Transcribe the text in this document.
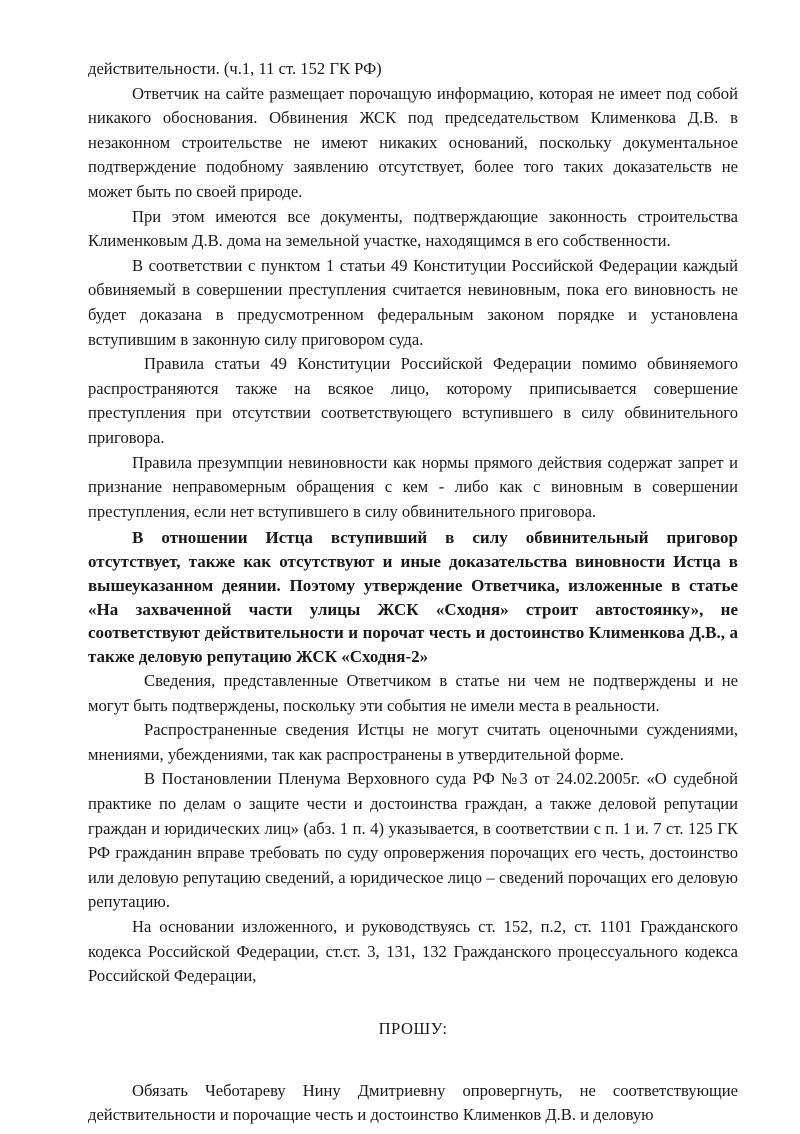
действительности. (ч.1, 11 ст. 152 ГК РФ)

Ответчик на сайте размещает порочащую информацию, которая не имеет под собой никакого обоснования. Обвинения ЖСК под председательством Клименкова Д.В. в незаконном строительстве не имеют никаких оснований, поскольку документальное подтверждение подобному заявлению отсутствует, более того таких доказательств не может быть по своей природе.

При этом имеются все документы, подтверждающие законность строительства Клименковым Д.В. дома на земельной участке, находящимся в его собственности.

В соответствии с пунктом 1 статьи 49 Конституции Российской Федерации каждый обвиняемый в совершении преступления считается невиновным, пока его виновность не будет доказана в предусмотренном федеральным законом порядке и установлена вступившим в законную силу приговором суда.

Правила статьи 49 Конституции Российской Федерации помимо обвиняемого распространяются также на всякое лицо, которому приписывается совершение преступления при отсутствии соответствующего вступившего в силу обвинительного приговора.

Правила презумпции невиновности как нормы прямого действия содержат запрет и признание неправомерным обращения с кем - либо как с виновным в совершении преступления, если нет вступившего в силу обвинительного приговора.

В отношении Истца вступивший в силу обвинительный приговор отсутствует, также как отсутствуют и иные доказательства виновности Истца в вышеуказанном деянии. Поэтому утверждение Ответчика, изложенные в статье «На захваченной части улицы ЖСК «Сходня» строит автостоянку», не соответствуют действительности и порочат честь и достоинство Клименкова Д.В., а также деловую репутацию ЖСК «Сходня-2»

Сведения, представленные Ответчиком в статье ни чем не подтверждены и не могут быть подтверждены, поскольку эти события не имели места в реальности.

Распространенные сведения Истцы не могут считать оценочными суждениями, мнениями, убеждениями, так как распространены в утвердительной форме.

В Постановлении Пленума Верховного суда РФ №3 от 24.02.2005г. «О судебной практике по делам о защите чести и достоинства граждан, а также деловой репутации граждан и юридических лиц» (абз. 1 п. 4) указывается, в соответствии с п. 1 и. 7 ст. 125 ГК РФ гражданин вправе требовать по суду опровержения порочащих его честь, достоинство или деловую репутацию сведений, а юридическое лицо – сведений порочащих его деловую репутацию.

На основании изложенного, и руководствуясь ст. 152, п.2, ст. 1101 Гражданского кодекса Российской Федерации, ст.ст. 3, 131, 132 Гражданского процессуального кодекса Российской Федерации,

ПРОШУ:

Обязать Чеботареву Нину Дмитриевну опровергнуть, не соответствующие действительности и порочащие честь и достоинство Клименков Д.В. и деловую
